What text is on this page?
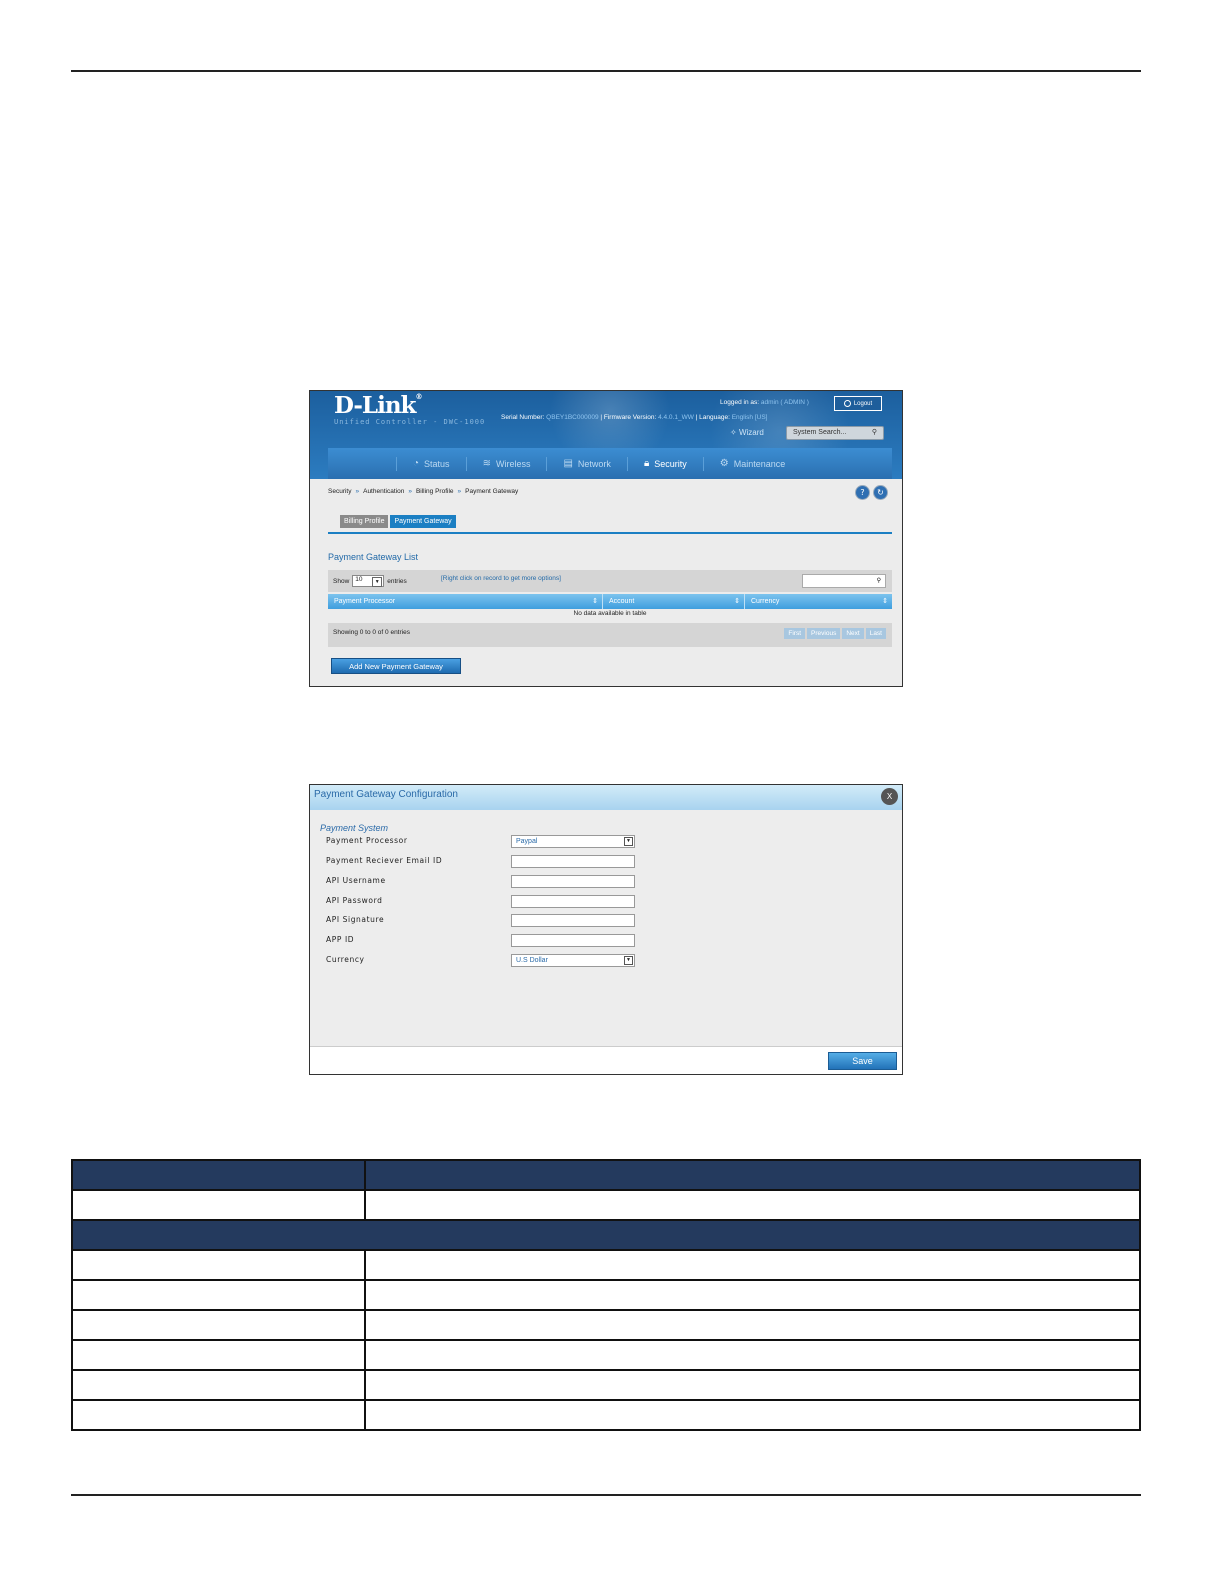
D-Link®
Unified Controller - DWC-1000
Logged in as: admin ( ADMIN )	Logout
Serial Number: QBEY1BC000009 | Firmware Version: 4.4.0.1_WW | Language: English [US]
✧ Wizard	System Search...	⚲
◔ Status	≋ Wireless	▤ Network	🔒︎ Security	⚙ Maintenance
Security » Authentication » Billing Profile » Payment Gateway	?	↻
Billing Profile	Payment Gateway
Payment Gateway List
Show 10	▼	entries	[Right click on record to get more options]	⚲
Payment Processor	⇕	Account	⇕	Currency	⇕
No data available in table
Showing 0 to 0 of 0 entries	First	Previous	Next	Last
Add New Payment Gateway
Payment Gateway Configuration	X
Payment System
Payment Processor	Paypal	▼
Payment Reciever Email ID
API Username
API Password
API Signature
APP ID
Currency	U.S Dollar	▼
Save
